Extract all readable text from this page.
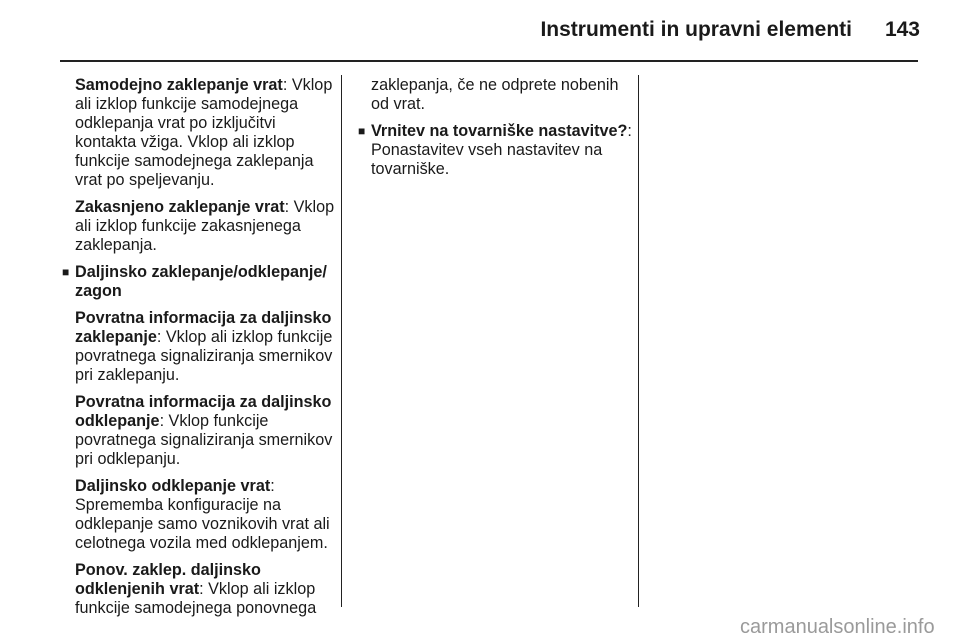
Instrumenti in upravni elementi 143

Samodejno zaklepanje vrat: Vklop ali izklop funkcije samodejnega odklepanja vrat po izključitvi kontakta vžiga. Vklop ali izklop funkcije samodejnega zaklepanja vrat po speljevanju.

Zakasnjeno zaklepanje vrat: Vklop ali izklop funkcije zakasnjenega zaklepanja.

■ Daljinsko zaklepanje/odklepanje/ zagon

Povratna informacija za daljinsko zaklepanje: Vklop ali izklop funkcije povratnega signaliziranja smernikov pri zaklepanju.

Povratna informacija za daljinsko odklepanje: Vklop funkcije povratnega signaliziranja smernikov pri odklepanju.

Daljinsko odklepanje vrat: Sprememba konfiguracije na odklepanje samo voznikovih vrat ali celotnega vozila med odklepanjem.

Ponov. zaklep. daljinsko odklenjenih vrat: Vklop ali izklop funkcije samodejnega ponovnega

zaklepanja, če ne odprete nobenih od vrat.

■ Vrnitev na tovarniške nastavitve?: Ponastavitev vseh nastavitev na tovarniške.
carmanualsonline.info
